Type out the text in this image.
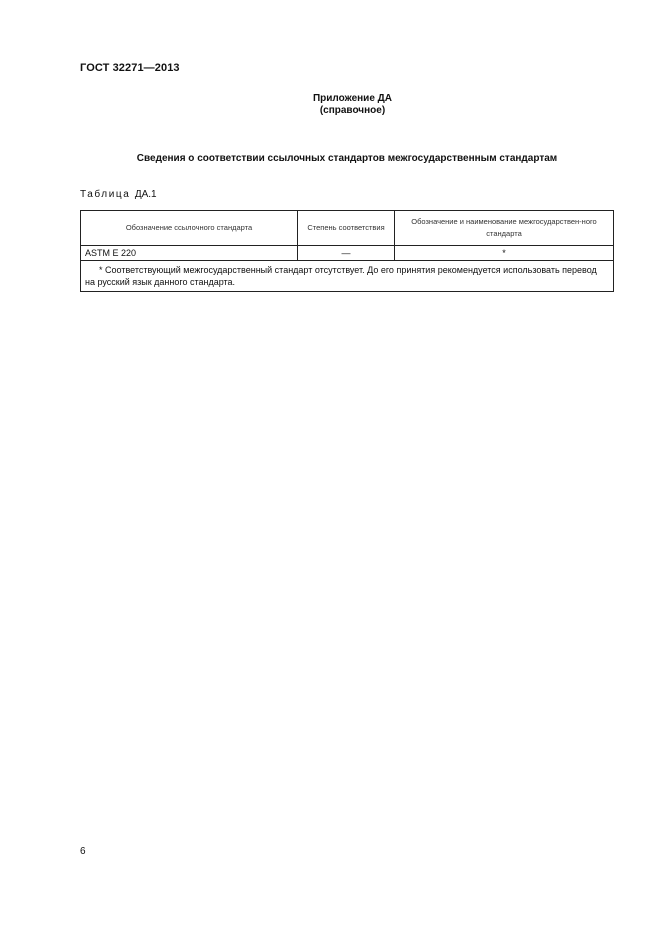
ГОСТ 32271—2013
Приложение ДА
(справочное)
Сведения о соответствии ссылочных стандартов межгосударственным стандартам
Таблица ДА.1
Обозначение ссылочного стандарта	Степень соответствия	Обозначение и наименование межгосударствен-ного стандарта
ASTM E 220	—	*
* Соответствующий межгосударственный стандарт отсутствует. До его принятия рекомендуется использовать перевод на русский язык данного стандарта.		
6
